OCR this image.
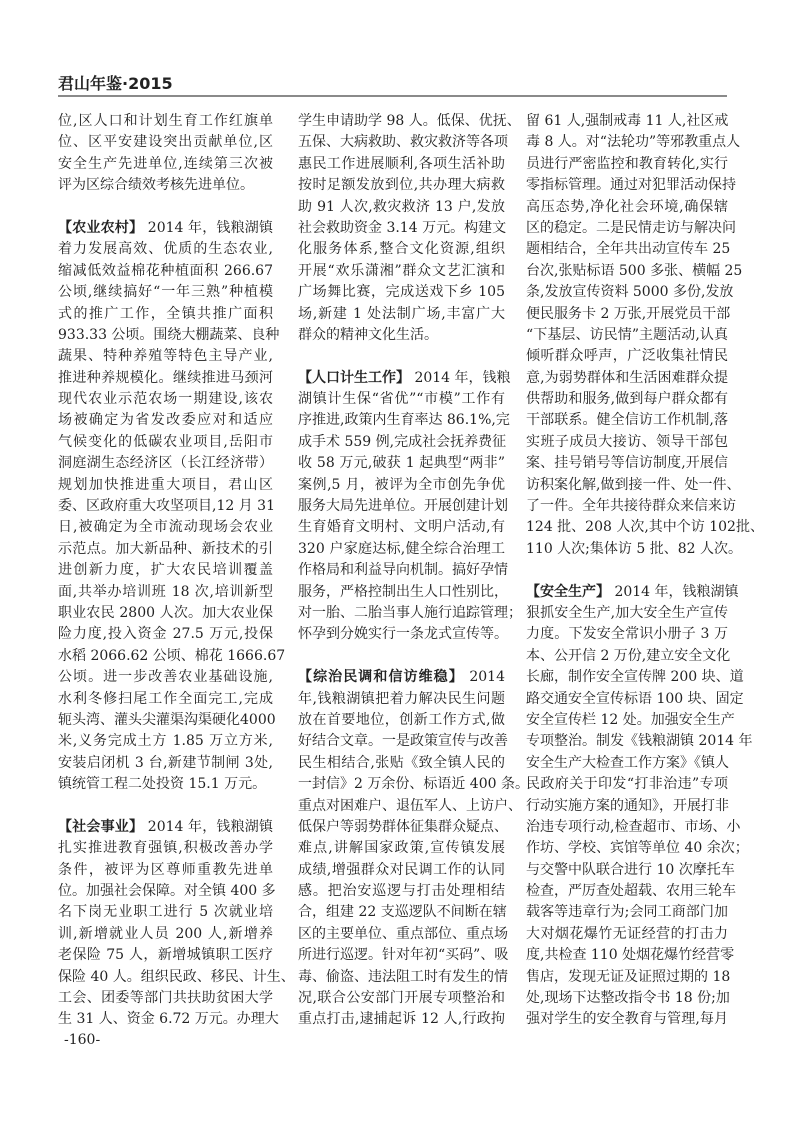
君山年鉴·2015
位,区人口和计划生育工作红旗单
位、区平安建设突出贡献单位,区
安全生产先进单位,连续第三次被
评为区综合绩效考核先进单位。
【农业农村】 2014 年，钱粮湖镇
着力发展高效、优质的生态农业,
缩减低效益棉花种植面积 266.67
公顷,继续搞好“一年三熟”种植模
式的推广工作，全镇共推广面积
933.33 公顷。围绕大棚蔬菜、良种
蔬果、特种养殖等特色主导产业,
推进种养规模化。继续推进马颈河
现代农业示范农场一期建设,该农
场被确定为省发改委应对和适应
气候变化的低碳农业项目,岳阳市
洞庭湖生态经济区（长江经济带）
规划加快推进重大项目，君山区
委、区政府重大攻坚项目,12 月 31
日,被确定为全市流动现场会农业
示范点。加大新品种、新技术的引
进创新力度，扩大农民培训覆盖
面,共举办培训班 18 次,培训新型
职业农民 2800 人次。加大农业保
险力度,投入资金 27.5 万元,投保
水稻 2066.62 公顷、棉花 1666.67
公顷。进一步改善农业基础设施,
水利冬修扫尾工作全面完工,完成
轭头湾、灌头尖灌渠沟渠硬化4000
米,义务完成土方 1.85 万立方米,
安装启闭机 3 台,新建节制闸 3处,
镇统管工程二处投资 15.1 万元。
【社会事业】 2014 年，钱粮湖镇
扎实推进教育强镇,积极改善办学
条件，被评为区尊师重教先进单
位。加强社会保障。对全镇 400 多
名下岗无业职工进行 5 次就业培
训,新增就业人员 200 人,新增养
老保险 75 人，新增城镇职工医疗
保险 40 人。组织民政、移民、计生、
工会、团委等部门共扶助贫困大学
生 31 人、资金 6.72 万元。办理大
学生申请助学 98 人。低保、优抚、
五保、大病救助、救灾救济等各项
惠民工作进展顺利,各项生活补助
按时足额发放到位,共办理大病救
助 91 人次,救灾救济 13 户,发放
社会救助资金 3.14 万元。构建文
化服务体系,整合文化资源,组织
开展“欢乐潇湘”群众文艺汇演和
广场舞比赛，完成送戏下乡 105
场,新建 1 处法制广场,丰富广大
群众的精神文化生活。
【人口计生工作】 2014 年，钱粮
湖镇计生保“省优”“市模”工作有
序推进,政策内生育率达 86.1%,完
成手术 559 例,完成社会抚养费征
收 58 万元,破获 1 起典型“两非”
案例,5 月，被评为全市创先争优
服务大局先进单位。开展创建计划
生育婚育文明村、文明户活动,有
320 户家庭达标,健全综合治理工
作格局和利益导向机制。搞好孕情
服务，严格控制出生人口性别比，
对一胎、二胎当事人施行追踪管理；
怀孕到分娩实行一条龙式宣传等。
【综治民调和信访维稳】 2014
年,钱粮湖镇把着力解决民生问题
放在首要地位，创新工作方式,做
好结合文章。一是政策宣传与改善
民生相结合,张贴《致全镇人民的
一封信》2 万余份、标语近 400 条。
重点对困难户、退伍军人、上访户、
低保户等弱势群体征集群众疑点、
难点,讲解国家政策,宣传镇发展
成绩,增强群众对民调工作的认同
感。把治安巡逻与打击处理相结
合，组建 22 支巡逻队不间断在辖
区的主要单位、重点部位、重点场
所进行巡逻。针对年初“买码”、吸
毒、偷盗、违法阻工时有发生的情
况,联合公安部门开展专项整治和
重点打击,逮捕起诉 12 人,行政拘
留 61 人,强制戒毒 11 人,社区戒
毒 8 人。对“法轮功”等邪教重点人
员进行严密监控和教育转化,实行
零指标管理。通过对犯罪活动保持
高压态势,净化社会环境,确保辖
区的稳定。二是民情走访与解决问
题相结合，全年共出动宣传车 25
台次,张贴标语 500 多张、横幅 25
条,发放宣传资料 5000 多份,发放
便民服务卡 2 万张,开展党员干部
“下基层、访民情”主题活动,认真
倾听群众呼声，广泛收集社情民
意,为弱势群体和生活困难群众提
供帮助和服务,做到每户群众都有
干部联系。健全信访工作机制,落
实班子成员大接访、领导干部包
案、挂号销号等信访制度,开展信
访积案化解,做到接一件、处一件、
了一件。全年共接待群众来信来访
124 批、208 人次,其中个访 102批、
110 人次;集体访 5 批、82 人次。
【安全生产】 2014 年，钱粮湖镇
狠抓安全生产,加大安全生产宣传
力度。下发安全常识小册子 3 万
本、公开信 2 万份,建立安全文化
长廊，制作安全宣传牌 200 块、道
路交通安全宣传标语 100 块、固定
安全宣传栏 12 处。加强安全生产
专项整治。制发《钱粮湖镇 2014 年
安全生产大检查工作方案》《镇人
民政府关于印发“打非治违”专项
行动实施方案的通知》，开展打非
治违专项行动,检查超市、市场、小
作坊、学校、宾馆等单位 40 余次；
与交警中队联合进行 10 次摩托车
检查，严厉查处超载、农用三轮车
载客等违章行为;会同工商部门加
大对烟花爆竹无证经营的打击力
度,共检查 110 处烟花爆竹经营零
售店，发现无证及证照过期的 18
处,现场下达整改指令书 18 份;加
强对学生的安全教育与管理,每月
-160-
